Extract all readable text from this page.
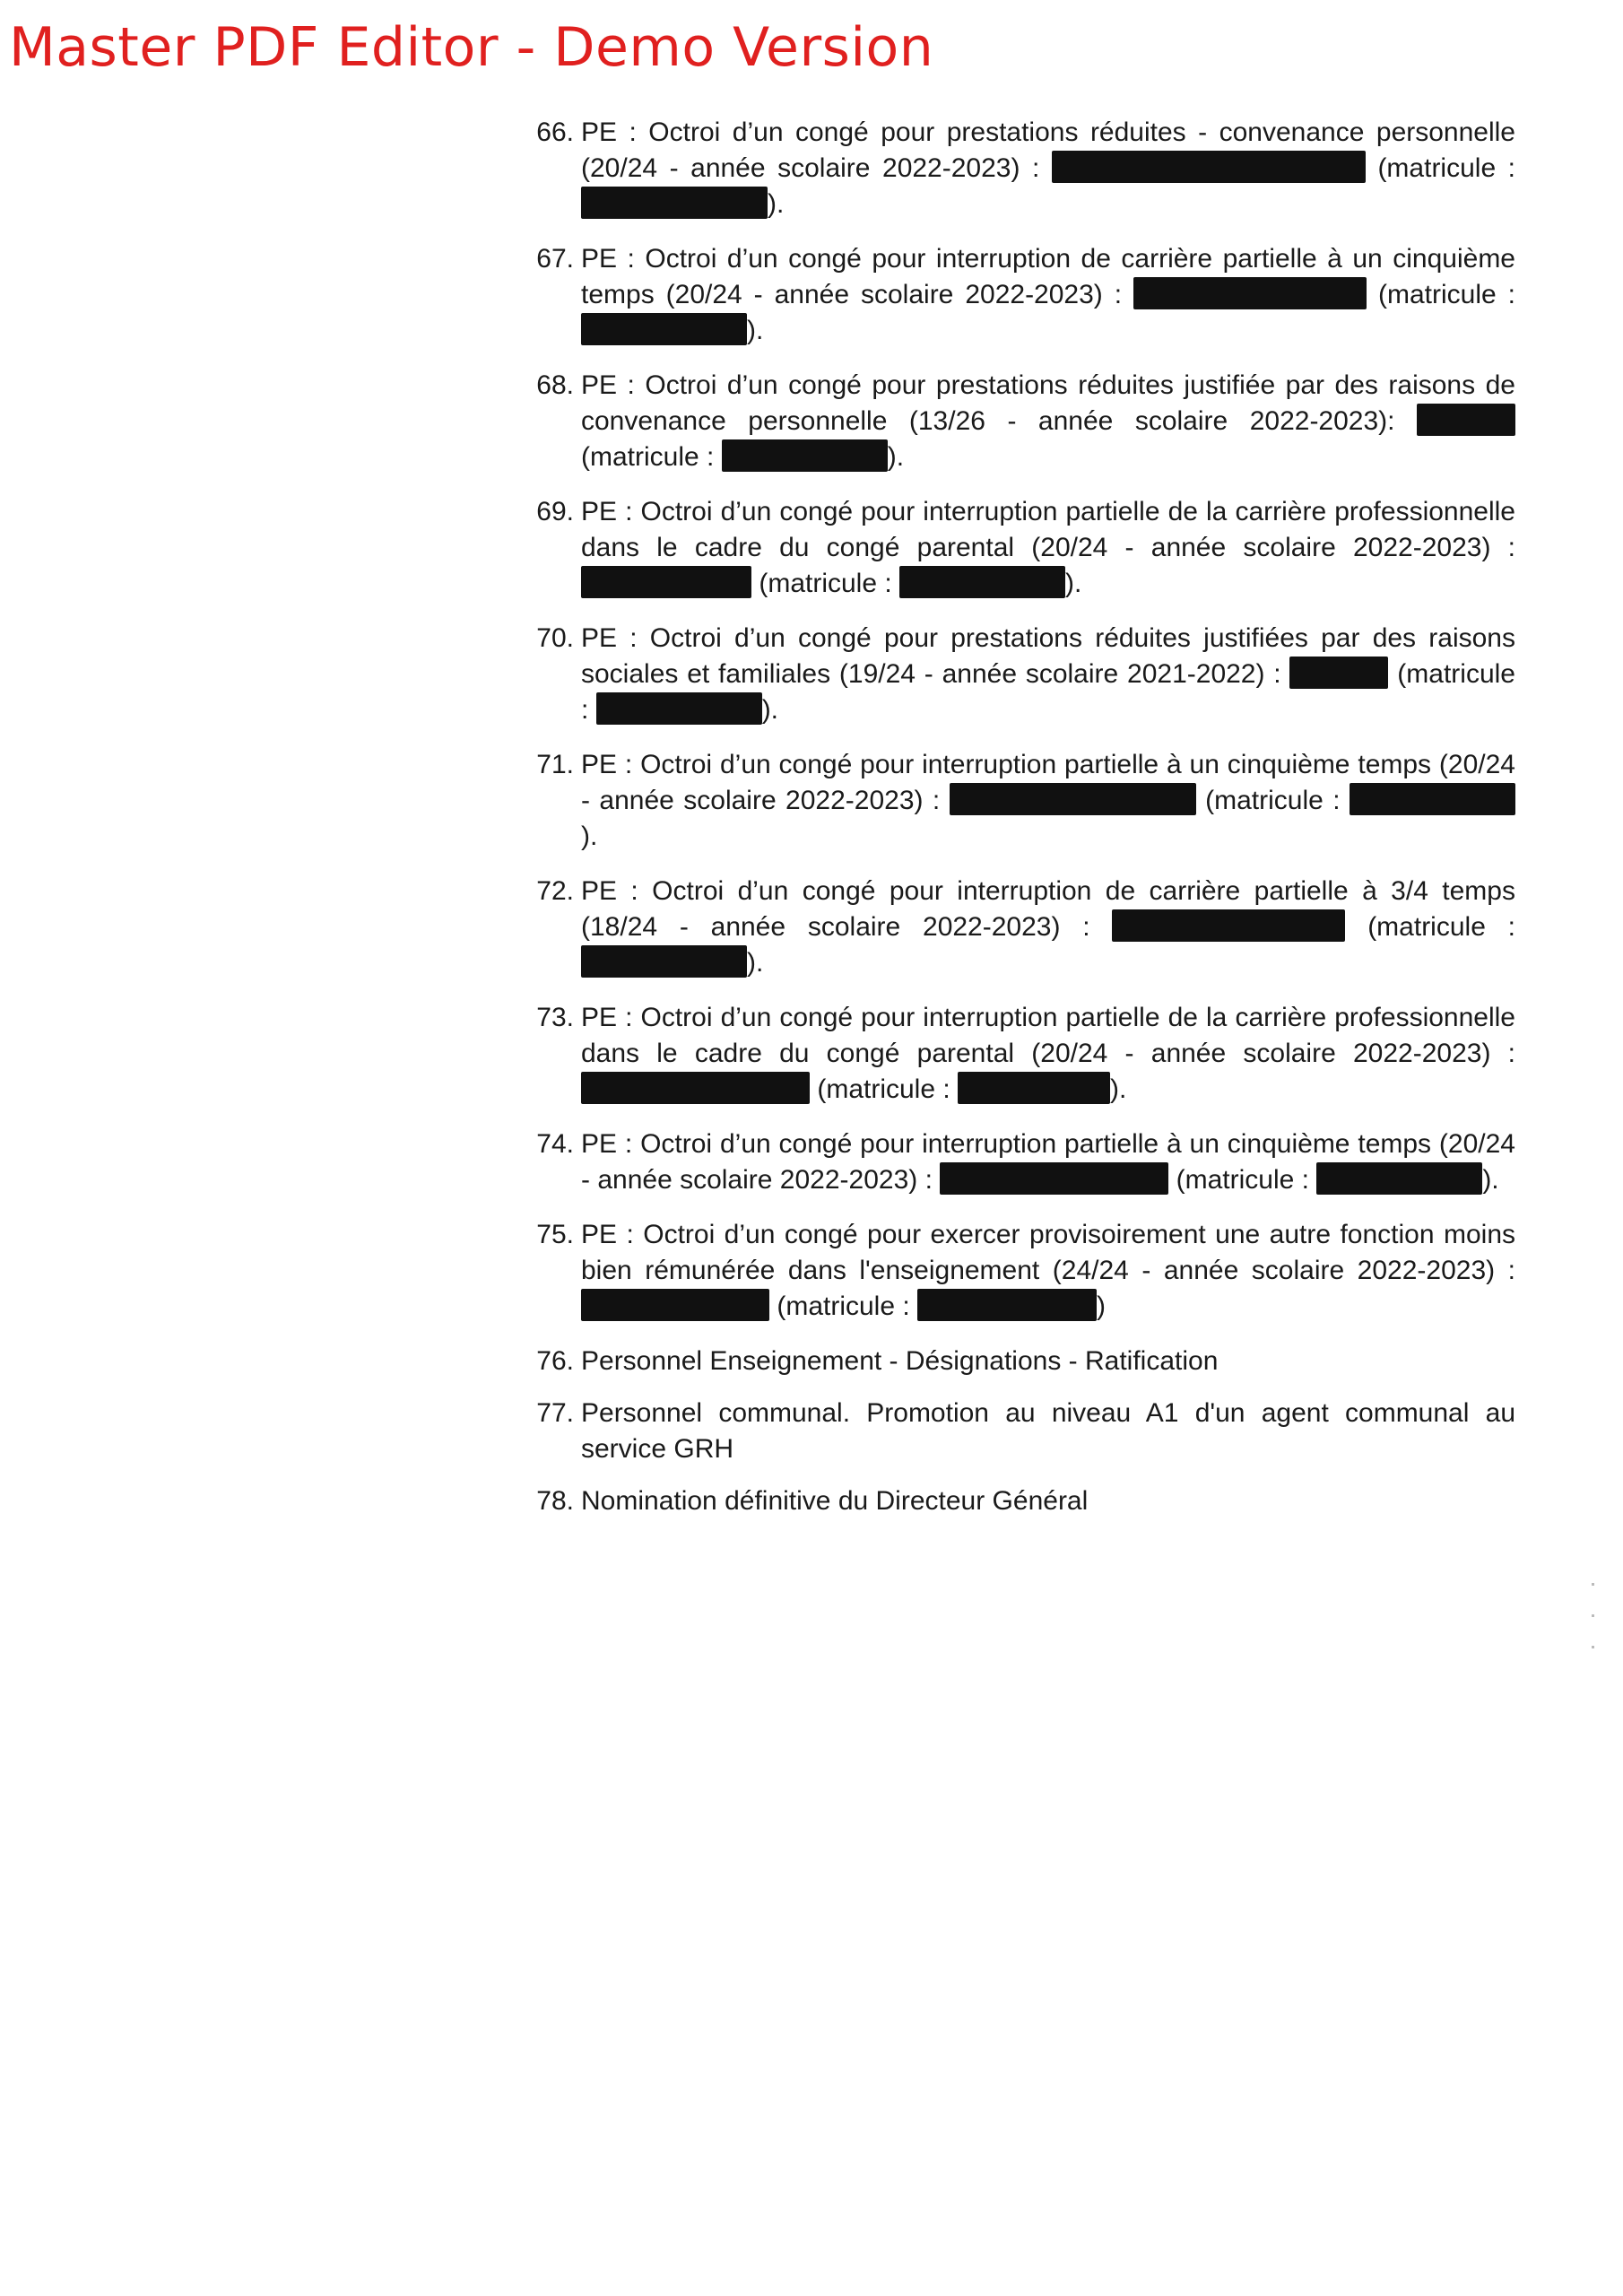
Master PDF Editor - Demo Version
66. PE : Octroi d’un congé pour prestations réduites - convenance personnelle (20/24 - année scolaire 2022-2023) :	(matricule : ).
67. PE : Octroi d’un congé pour interruption de carrière partielle à un cinquième temps (20/24 - année scolaire 2022-2023) :	(matricule : ).
68. PE : Octroi d’un congé pour prestations réduites justifiée par des raisons de convenance personnelle (13/26 - année scolaire 2022-2023):  (matricule :	).
69. PE : Octroi d’un congé pour interruption partielle de la carrière professionnelle dans le cadre du congé parental (20/24 - année scolaire 2022-2023) :  (matricule :	).
70. PE : Octroi d’un congé pour prestations réduites justifiées par des raisons sociales et familiales (19/24 - année scolaire 2021-2022) :	(matricule :	).
71. PE : Octroi d’un congé pour interruption partielle à un cinquième temps (20/24 - année scolaire 2022-2023) :	(matricule : ).
72. PE : Octroi d’un congé pour interruption de carrière partielle à 3/4 temps (18/24 - année scolaire 2022-2023) :	(matricule : ).
73. PE : Octroi d’un congé pour interruption partielle de la carrière professionnelle dans le cadre du congé parental (20/24 - année scolaire 2022-2023) :  (matricule :	).
74. PE : Octroi d’un congé pour interruption partielle à un cinquième temps (20/24 - année scolaire 2022-2023) :	(matricule :	).
75. PE : Octroi d’un congé pour exercer provisoirement une autre fonction moins bien rémunérée dans l'enseignement (24/24 - année scolaire 2022-2023) :  (matricule :	)
76. Personnel Enseignement - Désignations - Ratification
77. Personnel communal. Promotion au niveau A1 d'un agent communal au service GRH
78. Nomination définitive du Directeur Général
